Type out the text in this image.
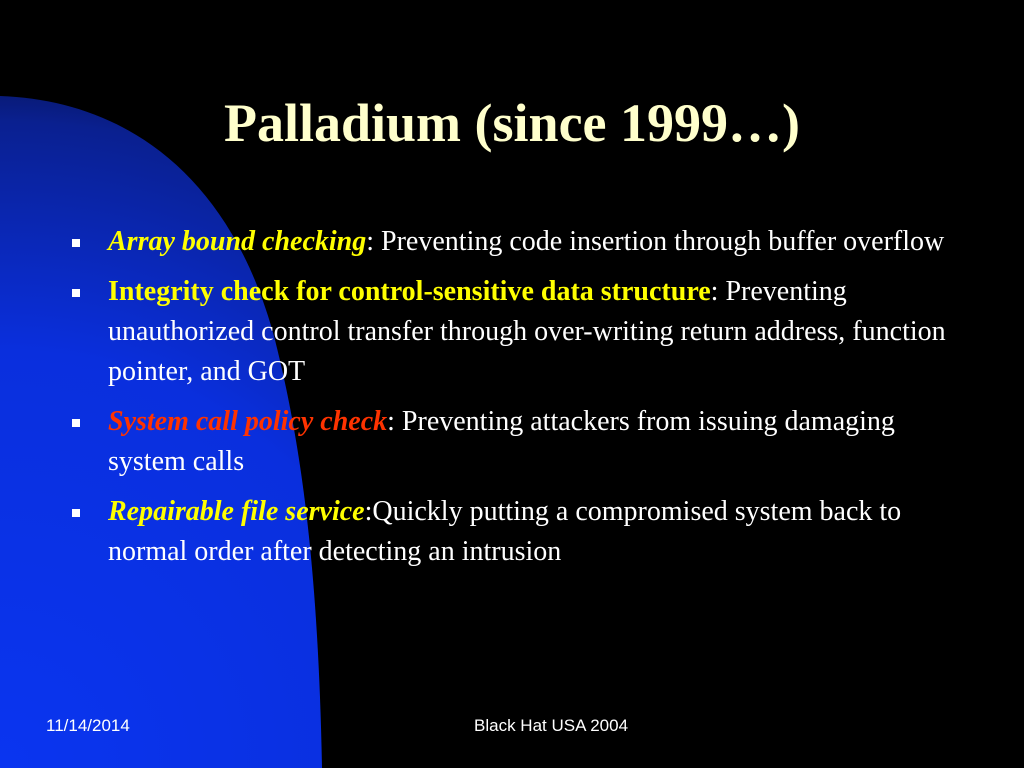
Palladium (since 1999…)
Array bound checking: Preventing code insertion through buffer overflow
Integrity check for control-sensitive data structure: Preventing unauthorized control transfer through over-writing return address, function pointer, and GOT
System call policy check: Preventing attackers from issuing damaging system calls
Repairable file service:Quickly putting a compromised system back to normal order after detecting an intrusion
11/14/2014	Black Hat USA 2004
